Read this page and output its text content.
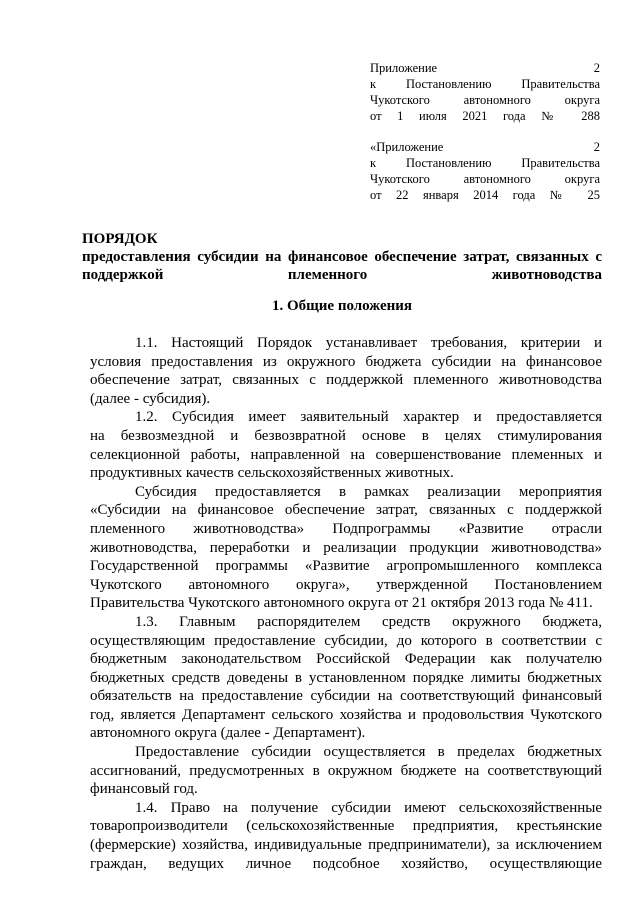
Приложение 2
к Постановлению Правительства
Чукотского автономного округа
от 1 июля 2021 года № 288
«Приложение 2
к Постановлению Правительства
Чукотского автономного округа
от 22 января 2014 года № 25
ПОРЯДОК
предоставления субсидии на финансовое обеспечение затрат, связанных с
поддержкой племенного животноводства
1. Общие положения
1.1. Настоящий Порядок устанавливает требования, критерии и
условия предоставления из окружного бюджета субсидии на финансовое
обеспечение затрат, связанных с поддержкой племенного животноводства
(далее - субсидия).
1.2. Субсидия имеет заявительный характер и предоставляется
на безвозмездной и безвозвратной основе в целях стимулирования
селекционной работы, направленной на совершенствование племенных и
продуктивных качеств сельскохозяйственных животных.
Субсидия предоставляется в рамках реализации мероприятия
«Субсидии на финансовое обеспечение затрат, связанных с поддержкой
племенного животноводства» Подпрограммы «Развитие отрасли
животноводства, переработки и реализации продукции животноводства»
Государственной программы «Развитие агропромышленного комплекса
Чукотского автономного округа», утвержденной Постановлением
Правительства Чукотского автономного округа от 21 октября 2013 года № 411.
1.3. Главным распорядителем средств окружного бюджета,
осуществляющим предоставление субсидии, до которого в соответствии с
бюджетным законодательством Российской Федерации как получателю
бюджетных средств доведены в установленном порядке лимиты бюджетных
обязательств на предоставление субсидии на соответствующий финансовый
год, является Департамент сельского хозяйства и продовольствия Чукотского
автономного округа (далее - Департамент).
Предоставление субсидии осуществляется в пределах бюджетных
ассигнований, предусмотренных в окружном бюджете на соответствующий
финансовый год.
1.4. Право на получение субсидии имеют сельскохозяйственные
товаропроизводители (сельскохозяйственные предприятия, крестьянские
(фермерские) хозяйства, индивидуальные предприниматели), за исключением
граждан, ведущих личное подсобное хозяйство, осуществляющие
